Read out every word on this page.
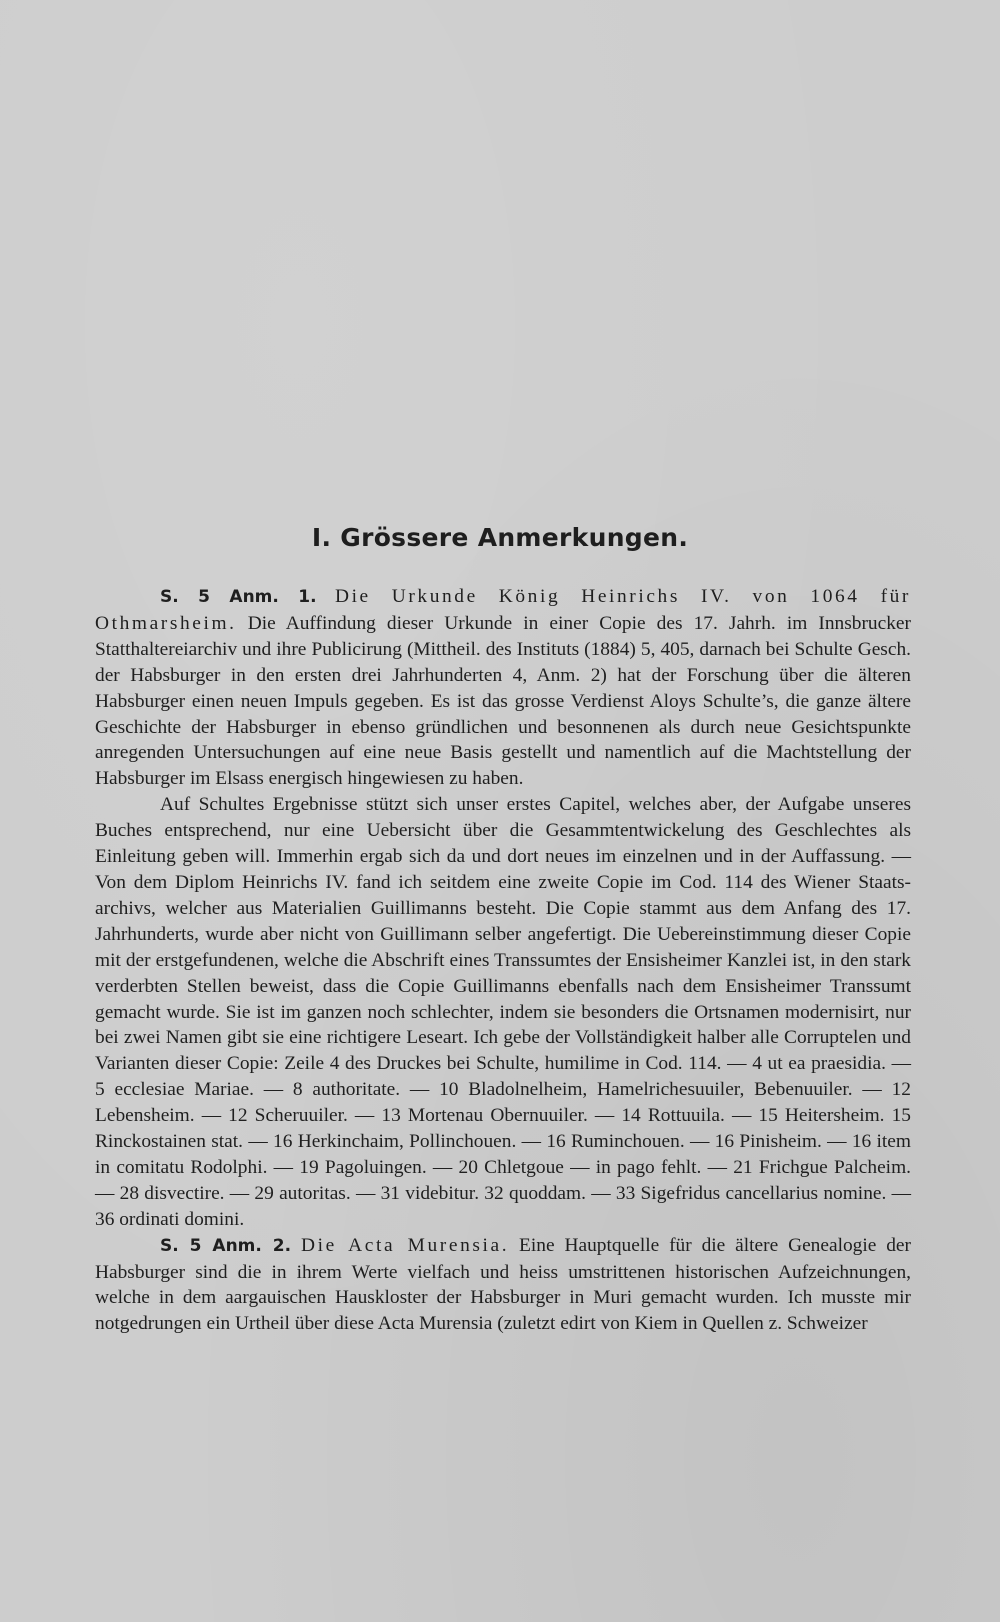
I. Grössere Anmerkungen.

S. 5 Anm. 1. Die Urkunde König Heinrichs IV. von 1064 für Othmarsheim. Die Auffindung dieser Urkunde in einer Copie des 17. Jahrh. im Innsbrucker Statthaltereiarchiv und ihre Publicirung (Mittheil. des Instituts (1884) 5, 405, darnach bei Schulte Gesch. der Habsburger in den ersten drei Jahrhunderten 4, Anm. 2) hat der Forschung über die älteren Habsburger einen neuen Impuls gegeben. Es ist das grosse Verdienst Aloys Schulte’s, die ganze ältere Geschichte der Habsburger in ebenso gründlichen und besonnenen als durch neue Gesichtspunkte anregenden Untersuchungen auf eine neue Basis gestellt und namentlich auf die Machtstellung der Habsburger im Elsass energisch hingewiesen zu haben.

Auf Schultes Ergebnisse stützt sich unser erstes Capitel, welches aber, der Aufgabe unseres Buches entsprechend, nur eine Uebersicht über die Gesammtentwickelung des Geschlechtes als Einleitung geben will. Immerhin ergab sich da und dort neues im einzelnen und in der Auffassung. — Von dem Diplom Heinrichs IV. fand ich seitdem eine zweite Copie im Cod. 114 des Wiener Staatsarchivs, welcher aus Materialien Guillimanns besteht. Die Copie stammt aus dem Anfang des 17. Jahrhunderts, wurde aber nicht von Guillimann selber angefertigt. Die Uebereinstimmung dieser Copie mit der erstgefundenen, welche die Abschrift eines Transsumtes der Ensisheimer Kanzlei ist, in den stark verderbten Stellen beweist, dass die Copie Guillimanns ebenfalls nach dem Ensisheimer Transsumt gemacht wurde. Sie ist im ganzen noch schlechter, indem sie besonders die Ortsnamen modernisirt, nur bei zwei Namen gibt sie eine richtigere Leseart. Ich gebe der Vollständigkeit halber alle Corruptelen und Varianten dieser Copie: Zeile 4 des Druckes bei Schulte, humilime in Cod. 114. — 4 ut ea praesidia. — 5 ecclesiae Mariae. — 8 authoritate. — 10 Bladolnelheim, Hamelrichesuuiler, Bebenuuiler. — 12 Lebensheim. — 12 Scheruuiler. — 13 Mortenau Obernuuiler. — 14 Rottuuila. — 15 Heitersheim. 15 Rinckostainen stat. — 16 Herkinchaim, Pollinchouen. — 16 Ruminchouen. — 16 Pinisheim. — 16 item in comitatu Rodolphi. — 19 Pagoluingen. — 20 Chletgoue — in pago fehlt. — 21 Frichgue Palcheim. — 28 disvectire. — 29 autoritas. — 31 videbitur. 32 quoddam. — 33 Sigefridus cancellarius nomine. — 36 ordinati domini.

S. 5 Anm. 2. Die Acta Murensia. Eine Hauptquelle für die ältere Genealogie der Habsburger sind die in ihrem Werte vielfach und heiss umstrittenen historischen Aufzeichnungen, welche in dem aargauischen Hauskloster der Habsburger in Muri gemacht wurden. Ich musste mir notgedrungen ein Urtheil über diese Acta Murensia (zuletzt edirt von Kiem in Quellen z. Schweizer
